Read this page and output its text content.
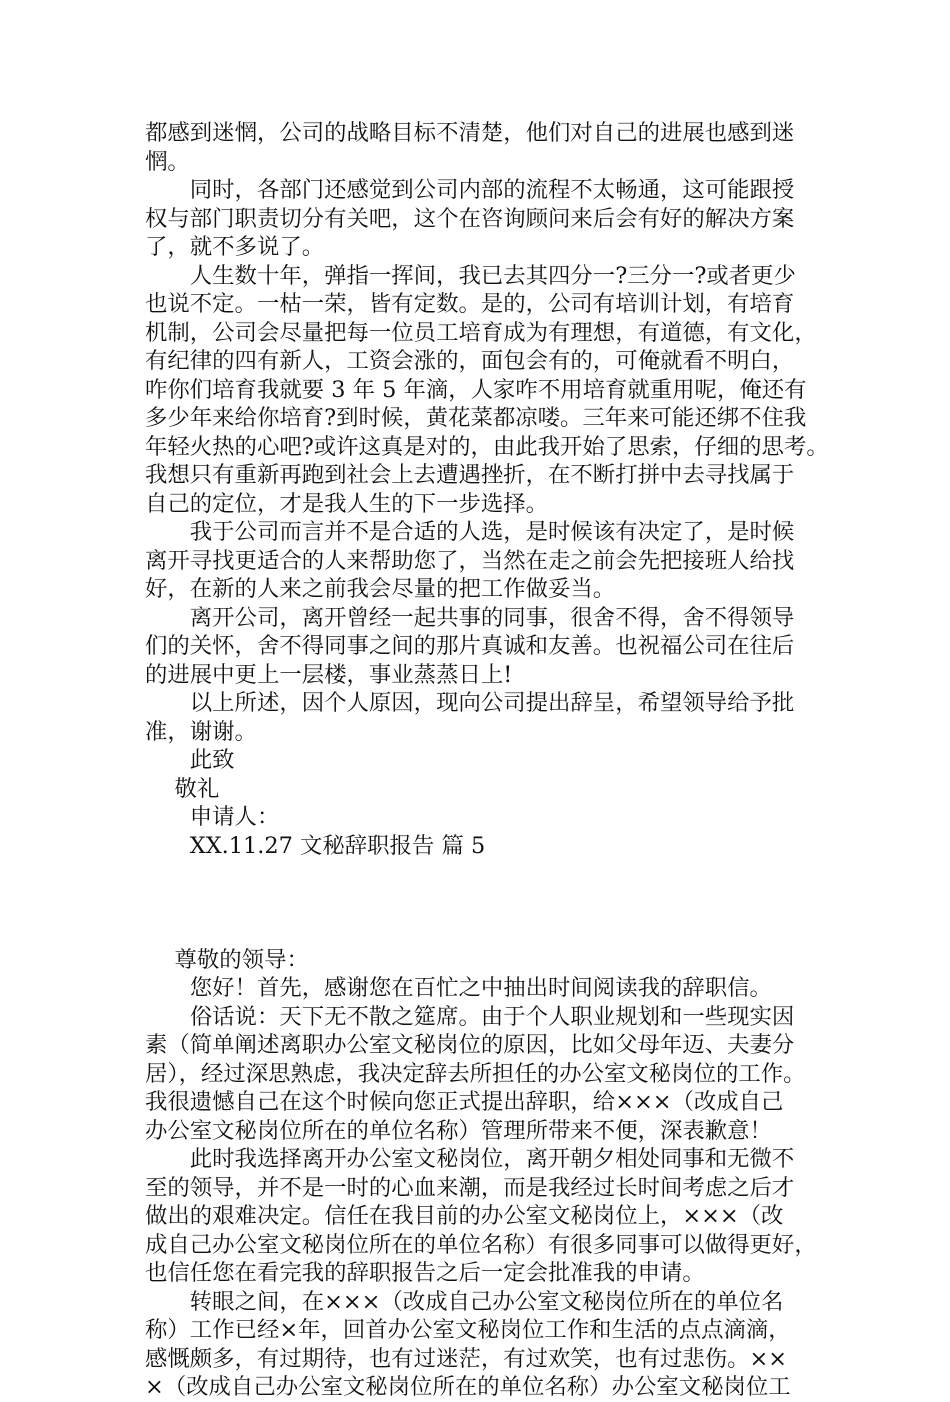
都感到迷惘，公司的战略目标不清楚，他们对自己的进展也感到迷
惘。
　　同时，各部门还感觉到公司内部的流程不太畅通，这可能跟授
权与部门职责切分有关吧，这个在咨询顾问来后会有好的解决方案
了，就不多说了。
　　人生数十年，弹指一挥间，我已去其四分一?三分一?或者更少
也说不定。一枯一荣，皆有定数。是的，公司有培训计划，有培育
机制，公司会尽量把每一位员工培育成为有理想，有道德，有文化，
有纪律的四有新人，工资会涨的，面包会有的，可俺就看不明白，
咋你们培育我就要 3 年 5 年滴，人家咋不用培育就重用呢，俺还有
多少年来给你培育?到时候，黄花菜都凉喽。三年来可能还绑不住我
年轻火热的心吧?或许这真是对的，由此我开始了思索，仔细的思考。
我想只有重新再跑到社会上去遭遇挫折，在不断打拼中去寻找属于
自己的定位，才是我人生的下一步选择。
　　我于公司而言并不是合适的人选，是时候该有决定了，是时候
离开寻找更适合的人来帮助您了，当然在走之前会先把接班人给找
好，在新的人来之前我会尽量的把工作做妥当。
　　离开公司，离开曾经一起共事的同事，很舍不得，舍不得领导
们的关怀，舍不得同事之间的那片真诚和友善。也祝福公司在往后
的进展中更上一层楼，事业蒸蒸日上!
　　以上所述，因个人原因，现向公司提出辞呈，希望领导给予批
准，谢谢。
　　此致
　 敬礼
　　申请人：
　　XX.11.27 文秘辞职报告 篇 5
　 尊敬的领导：
　　您好！首先，感谢您在百忙之中抽出时间阅读我的辞职信。
　　俗话说：天下无不散之筵席。由于个人职业规划和一些现实因
素（简单阐述离职办公室文秘岗位的原因，比如父母年迈、夫妻分
居），经过深思熟虑，我决定辞去所担任的办公室文秘岗位的工作。
我很遗憾自己在这个时候向您正式提出辞职，给×××（改成自己
办公室文秘岗位所在的单位名称）管理所带来不便，深表歉意！
　　此时我选择离开办公室文秘岗位，离开朝夕相处同事和无微不
至的领导，并不是一时的心血来潮，而是我经过长时间考虑之后才
做出的艰难决定。信任在我目前的办公室文秘岗位上，×××（改
成自己办公室文秘岗位所在的单位名称）有很多同事可以做得更好，
也信任您在看完我的辞职报告之后一定会批准我的申请。
　　转眼之间，在×××（改成自己办公室文秘岗位所在的单位名
称）工作已经×年，回首办公室文秘岗位工作和生活的点点滴滴，
感慨颇多，有过期待，也有过迷茫，有过欢笑，也有过悲伤。××
×（改成自己办公室文秘岗位所在的单位名称）办公室文秘岗位工
